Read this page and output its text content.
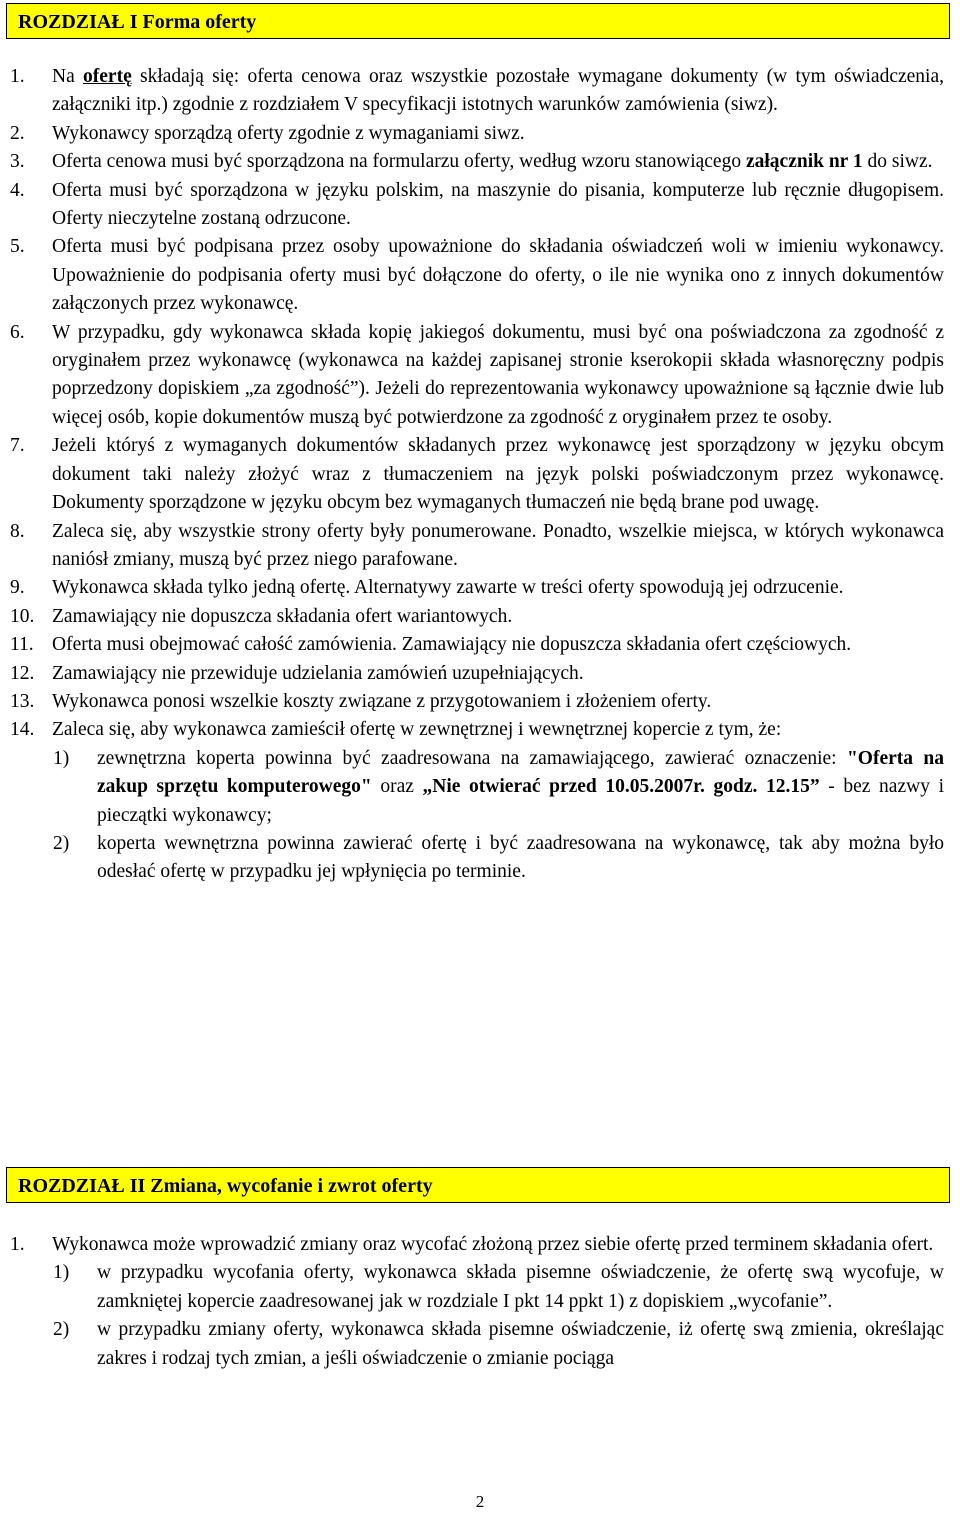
ROZDZIAŁ I Forma oferty
1. Na ofertę składają się: oferta cenowa oraz wszystkie pozostałe wymagane dokumenty (w tym oświadczenia, załączniki itp.) zgodnie z rozdziałem V specyfikacji istotnych warunków zamówienia (siwz).
2. Wykonawcy sporządzą oferty zgodnie z wymaganiami siwz.
3. Oferta cenowa musi być sporządzona na formularzu oferty, według wzoru stanowiącego załącznik nr 1 do siwz.
4. Oferta musi być sporządzona w języku polskim, na maszynie do pisania, komputerze lub ręcznie długopisem. Oferty nieczytelne zostaną odrzucone.
5. Oferta musi być podpisana przez osoby upoważnione do składania oświadczeń woli w imieniu wykonawcy. Upoważnienie do podpisania oferty musi być dołączone do oferty, o ile nie wynika ono z innych dokumentów załączonych przez wykonawcę.
6. W przypadku, gdy wykonawca składa kopię jakiegoś dokumentu, musi być ona poświadczona za zgodność z oryginałem przez wykonawcę (wykonawca na każdej zapisanej stronie kserokopii składa własnoręczny podpis poprzedzony dopiskiem „za zgodność”). Jeżeli do reprezentowania wykonawcy upoważnione są łącznie dwie lub więcej osób, kopie dokumentów muszą być potwierdzone za zgodność z oryginałem przez te osoby.
7. Jeżeli któryś z wymaganych dokumentów składanych przez wykonawcę jest sporządzony w języku obcym dokument taki należy złożyć wraz z tłumaczeniem na język polski poświadczonym przez wykonawcę. Dokumenty sporządzone w języku obcym bez wymaganych tłumaczeń nie będą brane pod uwagę.
8. Zaleca się, aby wszystkie strony oferty były ponumerowane. Ponadto, wszelkie miejsca, w których wykonawca naniósł zmiany, muszą być przez niego parafowane.
9. Wykonawca składa tylko jedną ofertę. Alternatywy zawarte w treści oferty spowodują jej odrzucenie.
10. Zamawiający nie dopuszcza składania ofert wariantowych.
11. Oferta musi obejmować całość zamówienia. Zamawiający nie dopuszcza składania ofert częściowych.
12. Zamawiający nie przewiduje udzielania zamówień uzupełniających.
13. Wykonawca ponosi wszelkie koszty związane z przygotowaniem i złożeniem oferty.
14. Zaleca się, aby wykonawca zamieścił ofertę w zewnętrznej i wewnętrznej kopercie z tym, że:
1) zewnętrzna koperta powinna być zaadresowana na zamawiającego, zawierać oznaczenie: "Oferta na zakup sprzętu komputerowego" oraz „Nie otwierać przed 10.05.2007r. godz. 12.15” - bez nazwy i pieczątki wykonawcy;
2) koperta wewnętrzna powinna zawierać ofertę i być zaadresowana na wykonawcę, tak aby można było odesłać ofertę w przypadku jej wpłynięcia po terminie.
ROZDZIAŁ II Zmiana, wycofanie i zwrot oferty
1. Wykonawca może wprowadzić zmiany oraz wycofać złożoną przez siebie ofertę przed terminem składania ofert.
1) w przypadku wycofania oferty, wykonawca składa pisemne oświadczenie, że ofertę swą wycofuje, w zamkniętej kopercie zaadresowanej jak w rozdziale I pkt 14 ppkt 1) z dopiskiem „wycofanie”.
2) w przypadku zmiany oferty, wykonawca składa pisemne oświadczenie, iż ofertę swą zmienia, określając zakres i rodzaj tych zmian, a jeśli oświadczenie o zmianie pociąga
2
